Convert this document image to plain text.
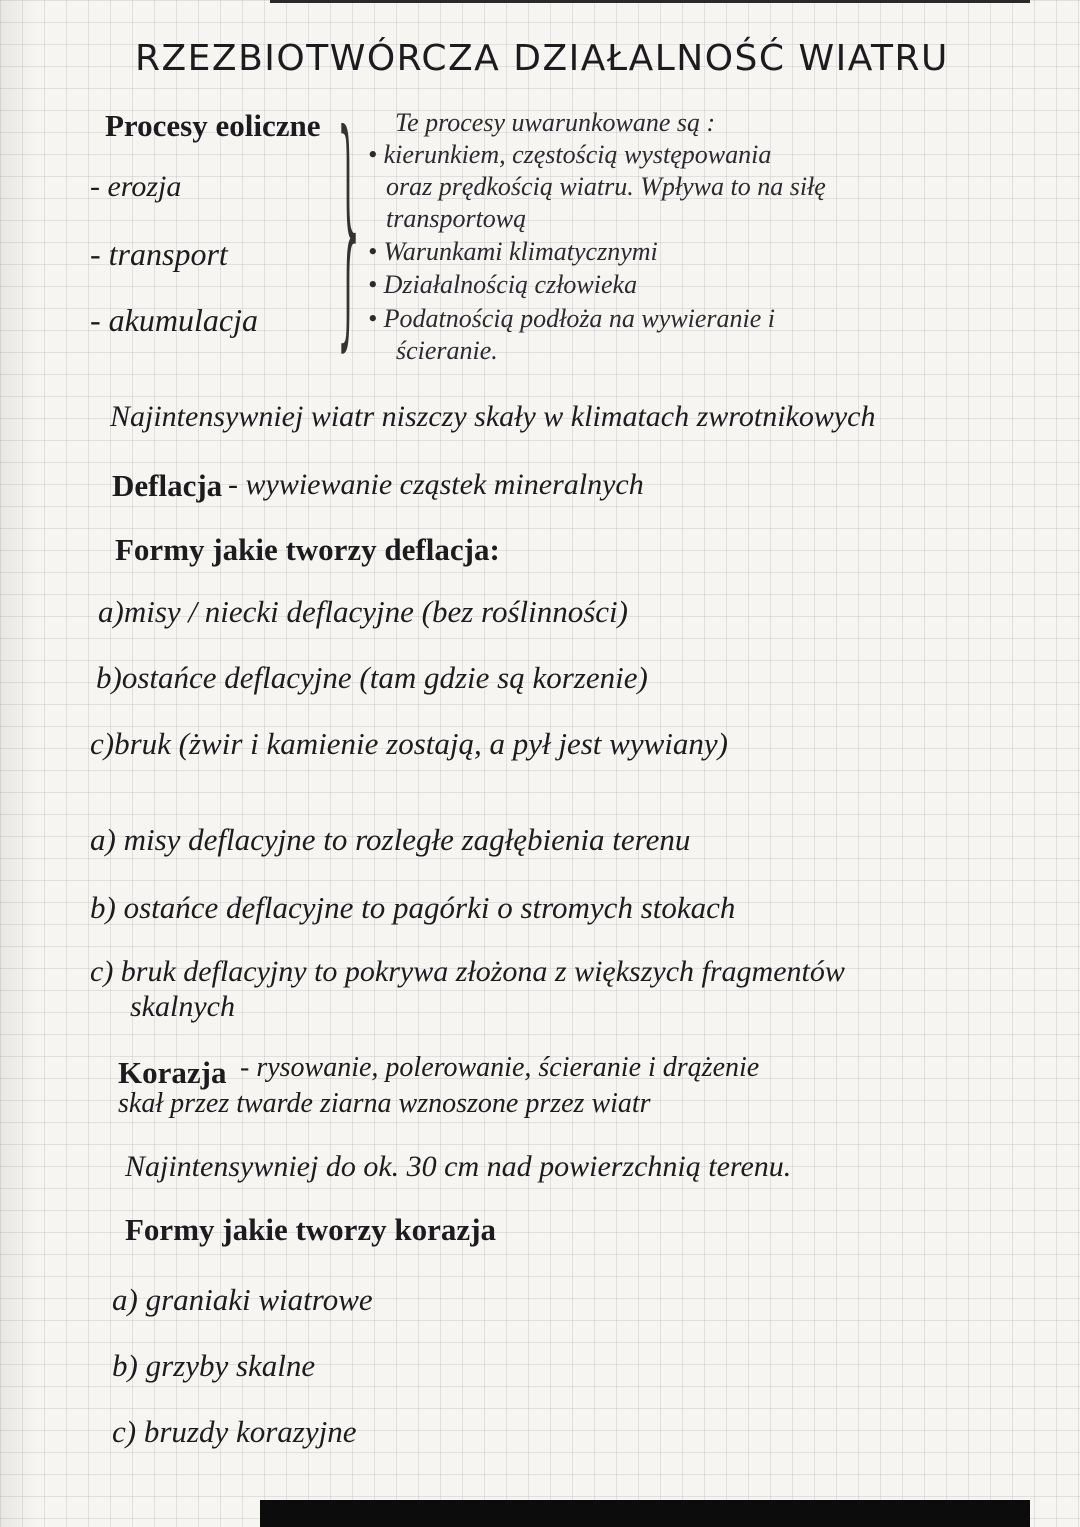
RZEZBIOTWÓRCZA DZIAŁALNOŚĆ WIATRU
Procesy eoliczne
- erozja
- transport
- akumulacja } Te procesy uwarunkowane są :
• kierunkiem, częstością występowania
oraz prędkością wiatru. Wpływa to na siłę
transportową
• Warunkami klimatycznymi
• Działalnością człowieka
• Podatnością podłoża na wywieranie i
ścieranie.
Najintensywniej wiatr niszczy skały w klimatach zwrotnikowych
Deflacja - wywiewanie cząstek mineralnych
Formy jakie tworzy deflacja:
a)misy / niecki deflacyjne (bez roślinności)
b)ostańce deflacyjne (tam gdzie są korzenie)
c)bruk (żwir i kamienie zostają, a pył jest wywiany)
a) misy deflacyjne to rozległe zagłębienia terenu
b) ostańce deflacyjne to pagórki o stromych stokach
c) bruk deflacyjny to pokrywa złożona z większych fragmentów
skalnych
Korazja - rysowanie, polerowanie, ścieranie i drążenie
skał przez twarde ziarna wznoszone przez wiatr
Najintensywniej do ok. 30 cm nad powierzchnią terenu.
Formy jakie tworzy korazja
a) graniaki wiatrowe
b) grzyby skalne
c) bruzdy korazyjne
